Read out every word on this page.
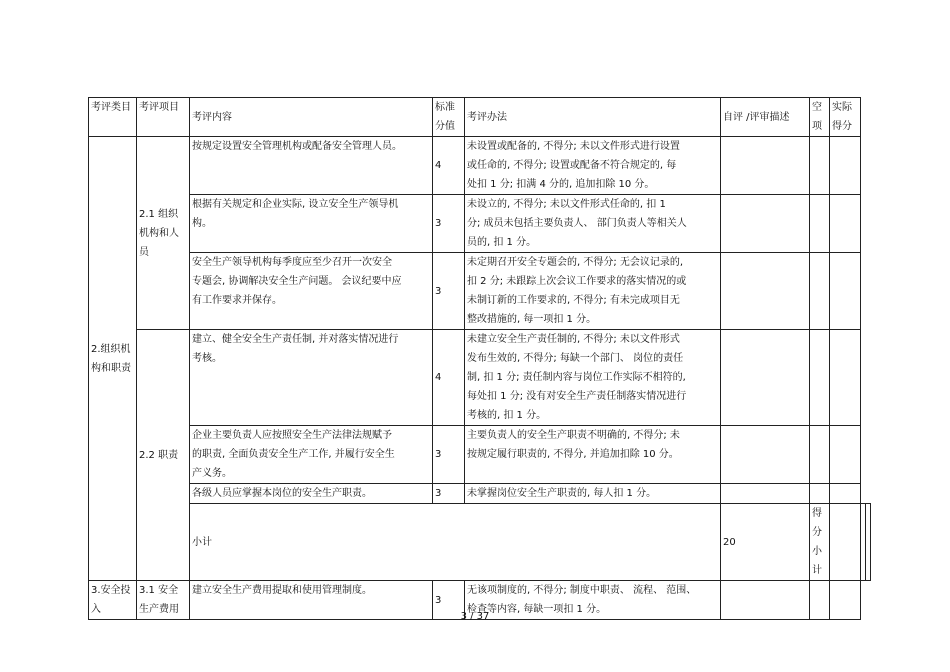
考评类目	考评项目	考评内容	标准分值	考评办法	自评 /评审描述	空项	实际得分		
2.组织机构和职责	2.1 组织机构和人员	按规定设置安全管理机构或配备安全管理人员。	4	未设置或配备的, 不得分; 未以文件形式进行设置
或任命的, 不得分; 设置或配备不符合规定的, 每
处扣 1 分; 扣满 4 分的, 追加扣除 10 分。					

		根据有关规定和企业实际, 设立安全生产领导机
构。	3	未设立的, 不得分; 未以文件形式任命的, 扣 1
分; 成员未包括主要负责人、 部门负责人等相关人
员的, 扣 1 分。					

		安全生产领导机构每季度应至少召开一次安全
专题会, 协调解决安全生产问题。 会议纪要中应
有工作要求并保存。	3	未定期召开安全专题会的, 不得分; 无会议记录的,
扣 2 分; 未跟踪上次会议工作要求的落实情况的或
未制订新的工作要求的, 不得分; 有未完成项目无
整改措施的, 每一项扣 1 分。					

	2.2 职责	建立、健全安全生产责任制, 并对落实情况进行
考核。	4	未建立安全生产责任制的, 不得分; 未以文件形式
发布生效的, 不得分; 每缺一个部门、 岗位的责任
制, 扣 1 分; 责任制内容与岗位工作实际不相符的,
每处扣 1 分; 没有对安全生产责任制落实情况进行
考核的, 扣 1 分。					

		企业主要负责人应按照安全生产法律法规赋予
的职责, 全面负责安全生产工作, 并履行安全生
产义务。	3	主要负责人的安全生产职责不明确的, 不得分; 未
按规定履行职责的, 不得分, 并追加扣除 10 分。					

		各级人员应掌握本岗位的安全生产职责。	3	未掌握岗位安全生产职责的, 每人扣 1 分。					

		小计			20	得分小计			
3.安全投入	3.1 安全生产费用	建立安全生产费用提取和使用管理制度。	3	无该项制度的, 不得分; 制度中职责、 流程、 范围、
检查等内容, 每缺一项扣 1 分。					

3 / 37
